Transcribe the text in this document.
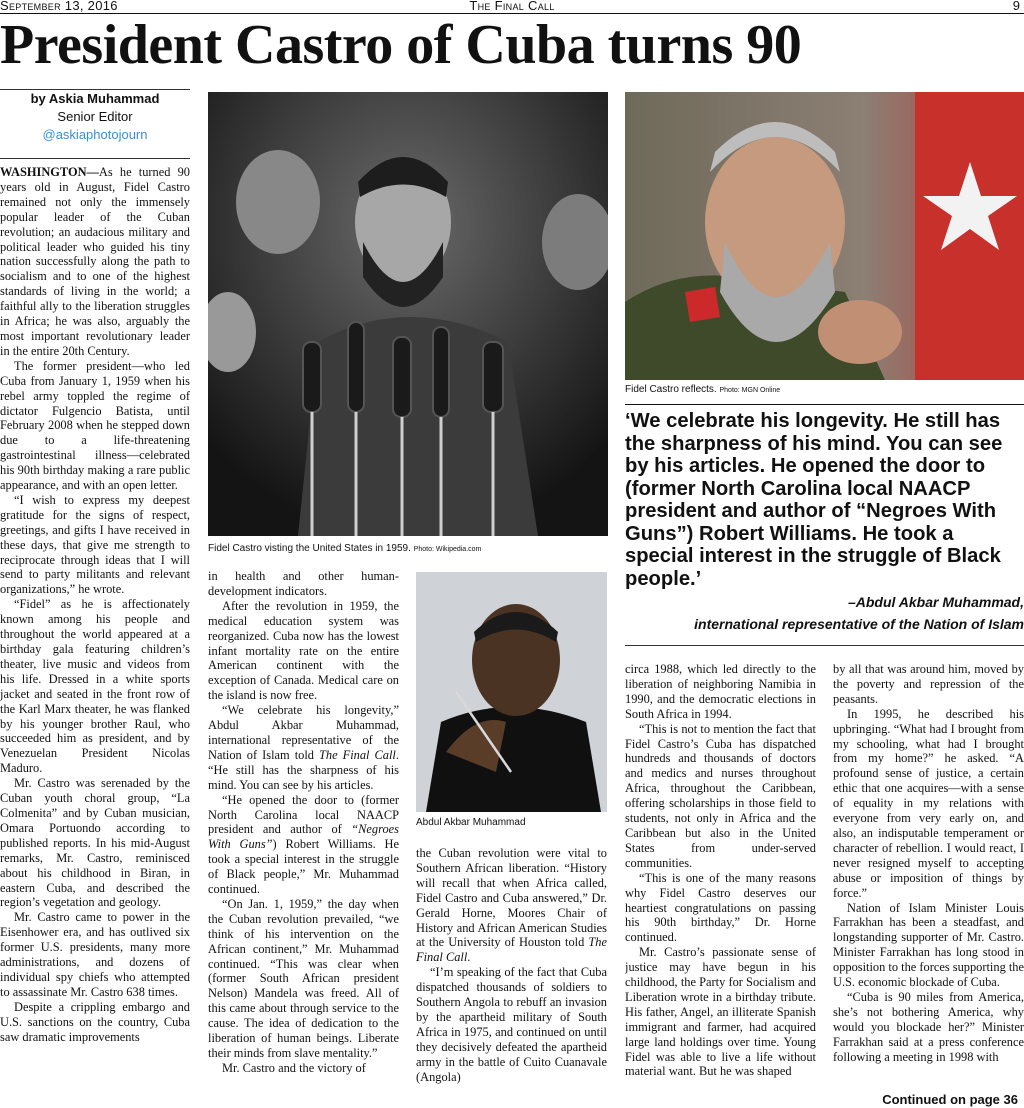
September 13, 2016	The Final Call	9
President Castro of Cuba turns 90
by Askia Muhammad
Senior Editor
@askiaphotojourn

WASHINGTON—As he turned 90 years old in August, Fidel Castro remained not only the immensely popular leader of the Cuban revolution; an audacious military and political leader who guided his tiny nation successfully along the path to socialism and to one of the highest standards of living in the world; a faithful ally to the liberation struggles in Africa; he was also, arguably the most important revolutionary leader in the entire 20th Century.

The former president—who led Cuba from January 1, 1959 when his rebel army toppled the regime of dictator Fulgencio Batista, until February 2008 when he stepped down due to a life-threatening gastrointestinal illness—celebrated his 90th birthday making a rare public appearance, and with an open letter.

“I wish to express my deepest gratitude for the signs of respect, greetings, and gifts I have received in these days, that give me strength to reciprocate through ideas that I will send to party militants and relevant organizations,” he wrote.

“Fidel” as he is affectionately known among his people and throughout the world appeared at a birthday gala featuring children’s theater, live music and videos from his life. Dressed in a white sports jacket and seated in the front row of the Karl Marx theater, he was flanked by his younger brother Raul, who succeeded him as president, and by Venezuelan President Nicolas Maduro.

Mr. Castro was serenaded by the Cuban youth choral group, “La Colmenita” and by Cuban musician, Omara Portuondo according to published reports. In his mid-August remarks, Mr. Castro, reminisced about his childhood in Biran, in eastern Cuba, and described the region’s vegetation and geology.

Mr. Castro came to power in the Eisenhower era, and has outlived six former U.S. presidents, many more administrations, and dozens of individual spy chiefs who attempted to assassinate Mr. Castro 638 times.

Despite a crippling embargo and U.S. sanctions on the country, Cuba saw dramatic improvements

Fidel Castro visting the United States in 1959. Photo: Wikipedia.com

in health and other human-development indicators.

After the revolution in 1959, the medical education system was reorganized. Cuba now has the lowest infant mortality rate on the entire American continent with the exception of Canada. Medical care on the island is now free.

“We celebrate his longevity,” Abdul Akbar Muhammad, international representative of the Nation of Islam told The Final Call. “He still has the sharpness of his mind. You can see by his articles.

“He opened the door to (former North Carolina local NAACP president and author of “Negroes With Guns”) Robert Williams. He took a special interest in the struggle of Black people,” Mr. Muhammad continued.

“On Jan. 1, 1959,” the day when the Cuban revolution prevailed, “we think of his intervention on the African continent,” Mr. Muhammad continued. “This was clear when (former South African president Nelson) Mandela was freed. All of this came about through service to the cause. The idea of dedication to the liberation of human beings. Liberate their minds from slave mentality.”

Mr. Castro and the victory of

Abdul Akbar Muhammad

the Cuban revolution were vital to Southern African liberation. “History will recall that when Africa called, Fidel Castro and Cuba answered,” Dr. Gerald Horne, Moores Chair of History and African American Studies at the University of Houston told The Final Call.

“I’m speaking of the fact that Cuba dispatched thousands of soldiers to Southern Angola to rebuff an invasion by the apartheid military of South Africa in 1975, and continued on until they decisively defeated the apartheid army in the battle of Cuito Cuanavale (Angola)

Fidel Castro reflects. Photo: MGN Online
‘We celebrate his longevity. He still has the sharpness of his mind. You can see by his articles. He opened the door to (former North Carolina local NAACP president and author of “Negroes With Guns”) Robert Williams. He took a special interest in the struggle of Black people.’
–Abdul Akbar Muhammad,
international representative of the Nation of Islam

circa 1988, which led directly to the liberation of neighboring Namibia in 1990, and the democratic elections in South Africa in 1994.

“This is not to mention the fact that Fidel Castro’s Cuba has dispatched hundreds and thousands of doctors and medics and nurses throughout Africa, throughout the Caribbean, offering scholarships in those field to students, not only in Africa and the Caribbean but also in the United States from under-served communities.

“This is one of the many reasons why Fidel Castro deserves our heartiest congratulations on passing his 90th birthday,” Dr. Horne continued.

Mr. Castro’s passionate sense of justice may have begun in his childhood, the Party for Socialism and Liberation wrote in a birthday tribute. His father, Angel, an illiterate Spanish immigrant and farmer, had acquired large land holdings over time. Young Fidel was able to live a life without material want. But he was shaped

by all that was around him, moved by the poverty and repression of the peasants.

In 1995, he described his upbringing. “What had I brought from my schooling, what had I brought from my home?” he asked. “A profound sense of justice, a certain ethic that one acquires—with a sense of equality in my relations with everyone from very early on, and also, an indisputable temperament or character of rebellion. I would react, I never resigned myself to accepting abuse or imposition of things by force.”

Nation of Islam Minister Louis Farrakhan has been a steadfast, and longstanding supporter of Mr. Castro. Minister Farrakhan has long stood in opposition to the forces supporting the U.S. economic blockade of Cuba.

“Cuba is 90 miles from America, she’s not bothering America, why would you blockade her?” Minister Farrakhan said at a press conference following a meeting in 1998 with

Continued on page 36
